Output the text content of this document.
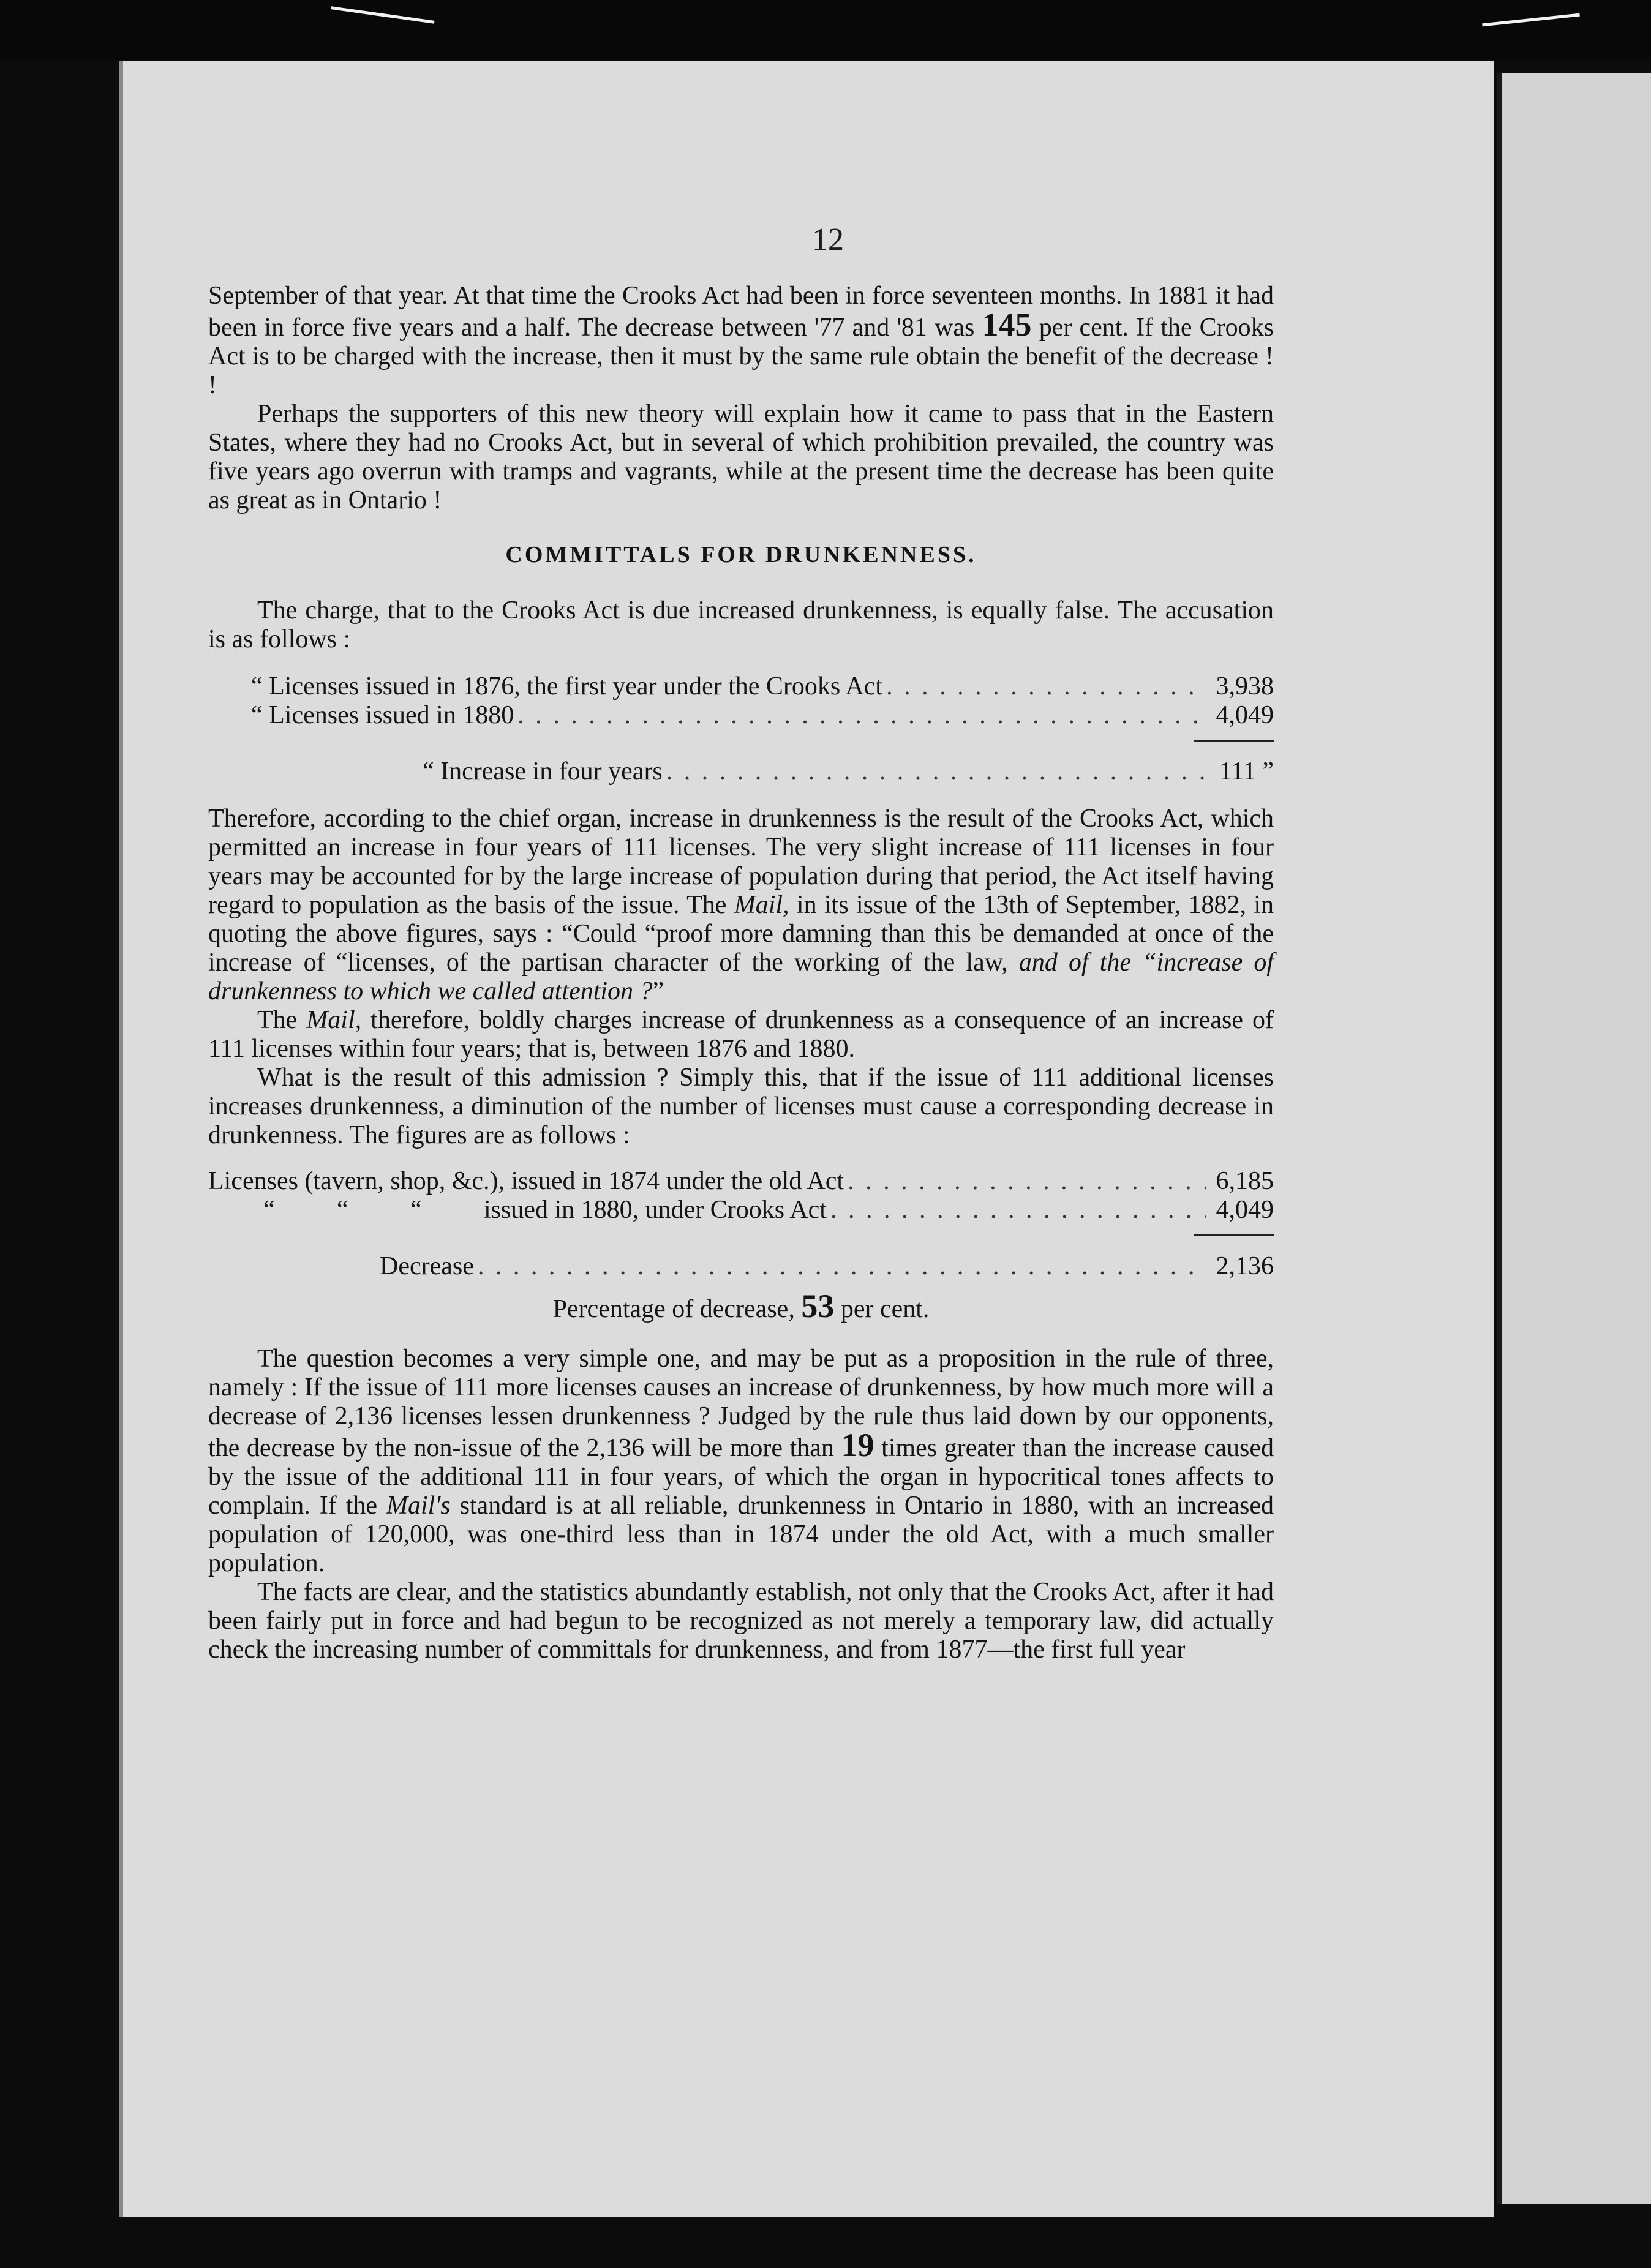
12

September of that year. At that time the Crooks Act had been in force seventeen months. In 1881 it had been in force five years and a half. The decrease between '77 and '81 was 145 per cent. If the Crooks Act is to be charged with the increase, then it must by the same rule obtain the benefit of the decrease ! !

Perhaps the supporters of this new theory will explain how it came to pass that in the Eastern States, where they had no Crooks Act, but in several of which prohibition prevailed, the country was five years ago overrun with tramps and vagrants, while at the present time the decrease has been quite as great as in Ontario !

COMMITTALS FOR DRUNKENNESS.

The charge, that to the Crooks Act is due increased drunkenness, is equally false. The accusation is as follows :

“ Licenses issued in 1876, the first year under the Crooks Act . . .	3,938
“ Licenses issued in 1880 . . .	4,049
“ Increase in four years . . .	111 ”

Therefore, according to the chief organ, increase in drunkenness is the result of the Crooks Act, which permitted an increase in four years of 111 licenses. The very slight increase of 111 licenses in four years may be accounted for by the large increase of population during that period, the Act itself having regard to population as the basis of the issue. The Mail, in its issue of the 13th of September, 1882, in quoting the above figures, says : “Could “proof more damning than this be demanded at once of the increase of “licenses, of the partisan character of the working of the law, and of the “increase of drunkenness to which we called attention ?”

The Mail, therefore, boldly charges increase of drunkenness as a consequence of an increase of 111 licenses within four years; that is, between 1876 and 1880.

What is the result of this admission ? Simply this, that if the issue of 111 additional licenses increases drunkenness, a diminution of the number of licenses must cause a corresponding decrease in drunkenness. The figures are as follows :

Licenses (tavern, shop, &c.), issued in 1874 under the old Act . . .	6,185
“ “ “ issued in 1880, under Crooks Act . . .	4,049
Decrease . . .	2,136
Percentage of decrease, 53 per cent.

The question becomes a very simple one, and may be put as a proposition in the rule of three, namely : If the issue of 111 more licenses causes an increase of drunkenness, by how much more will a decrease of 2,136 licenses lessen drunkenness ? Judged by the rule thus laid down by our opponents, the decrease by the non-issue of the 2,136 will be more than 19 times greater than the increase caused by the issue of the additional 111 in four years, of which the organ in hypocritical tones affects to complain. If the Mail's standard is at all reliable, drunkenness in Ontario in 1880, with an increased population of 120,000, was one-third less than in 1874 under the old Act, with a much smaller population.

The facts are clear, and the statistics abundantly establish, not only that the Crooks Act, after it had been fairly put in force and had begun to be recognized as not merely a temporary law, did actually check the increasing number of committals for drunkenness, and from 1877—the first full year
